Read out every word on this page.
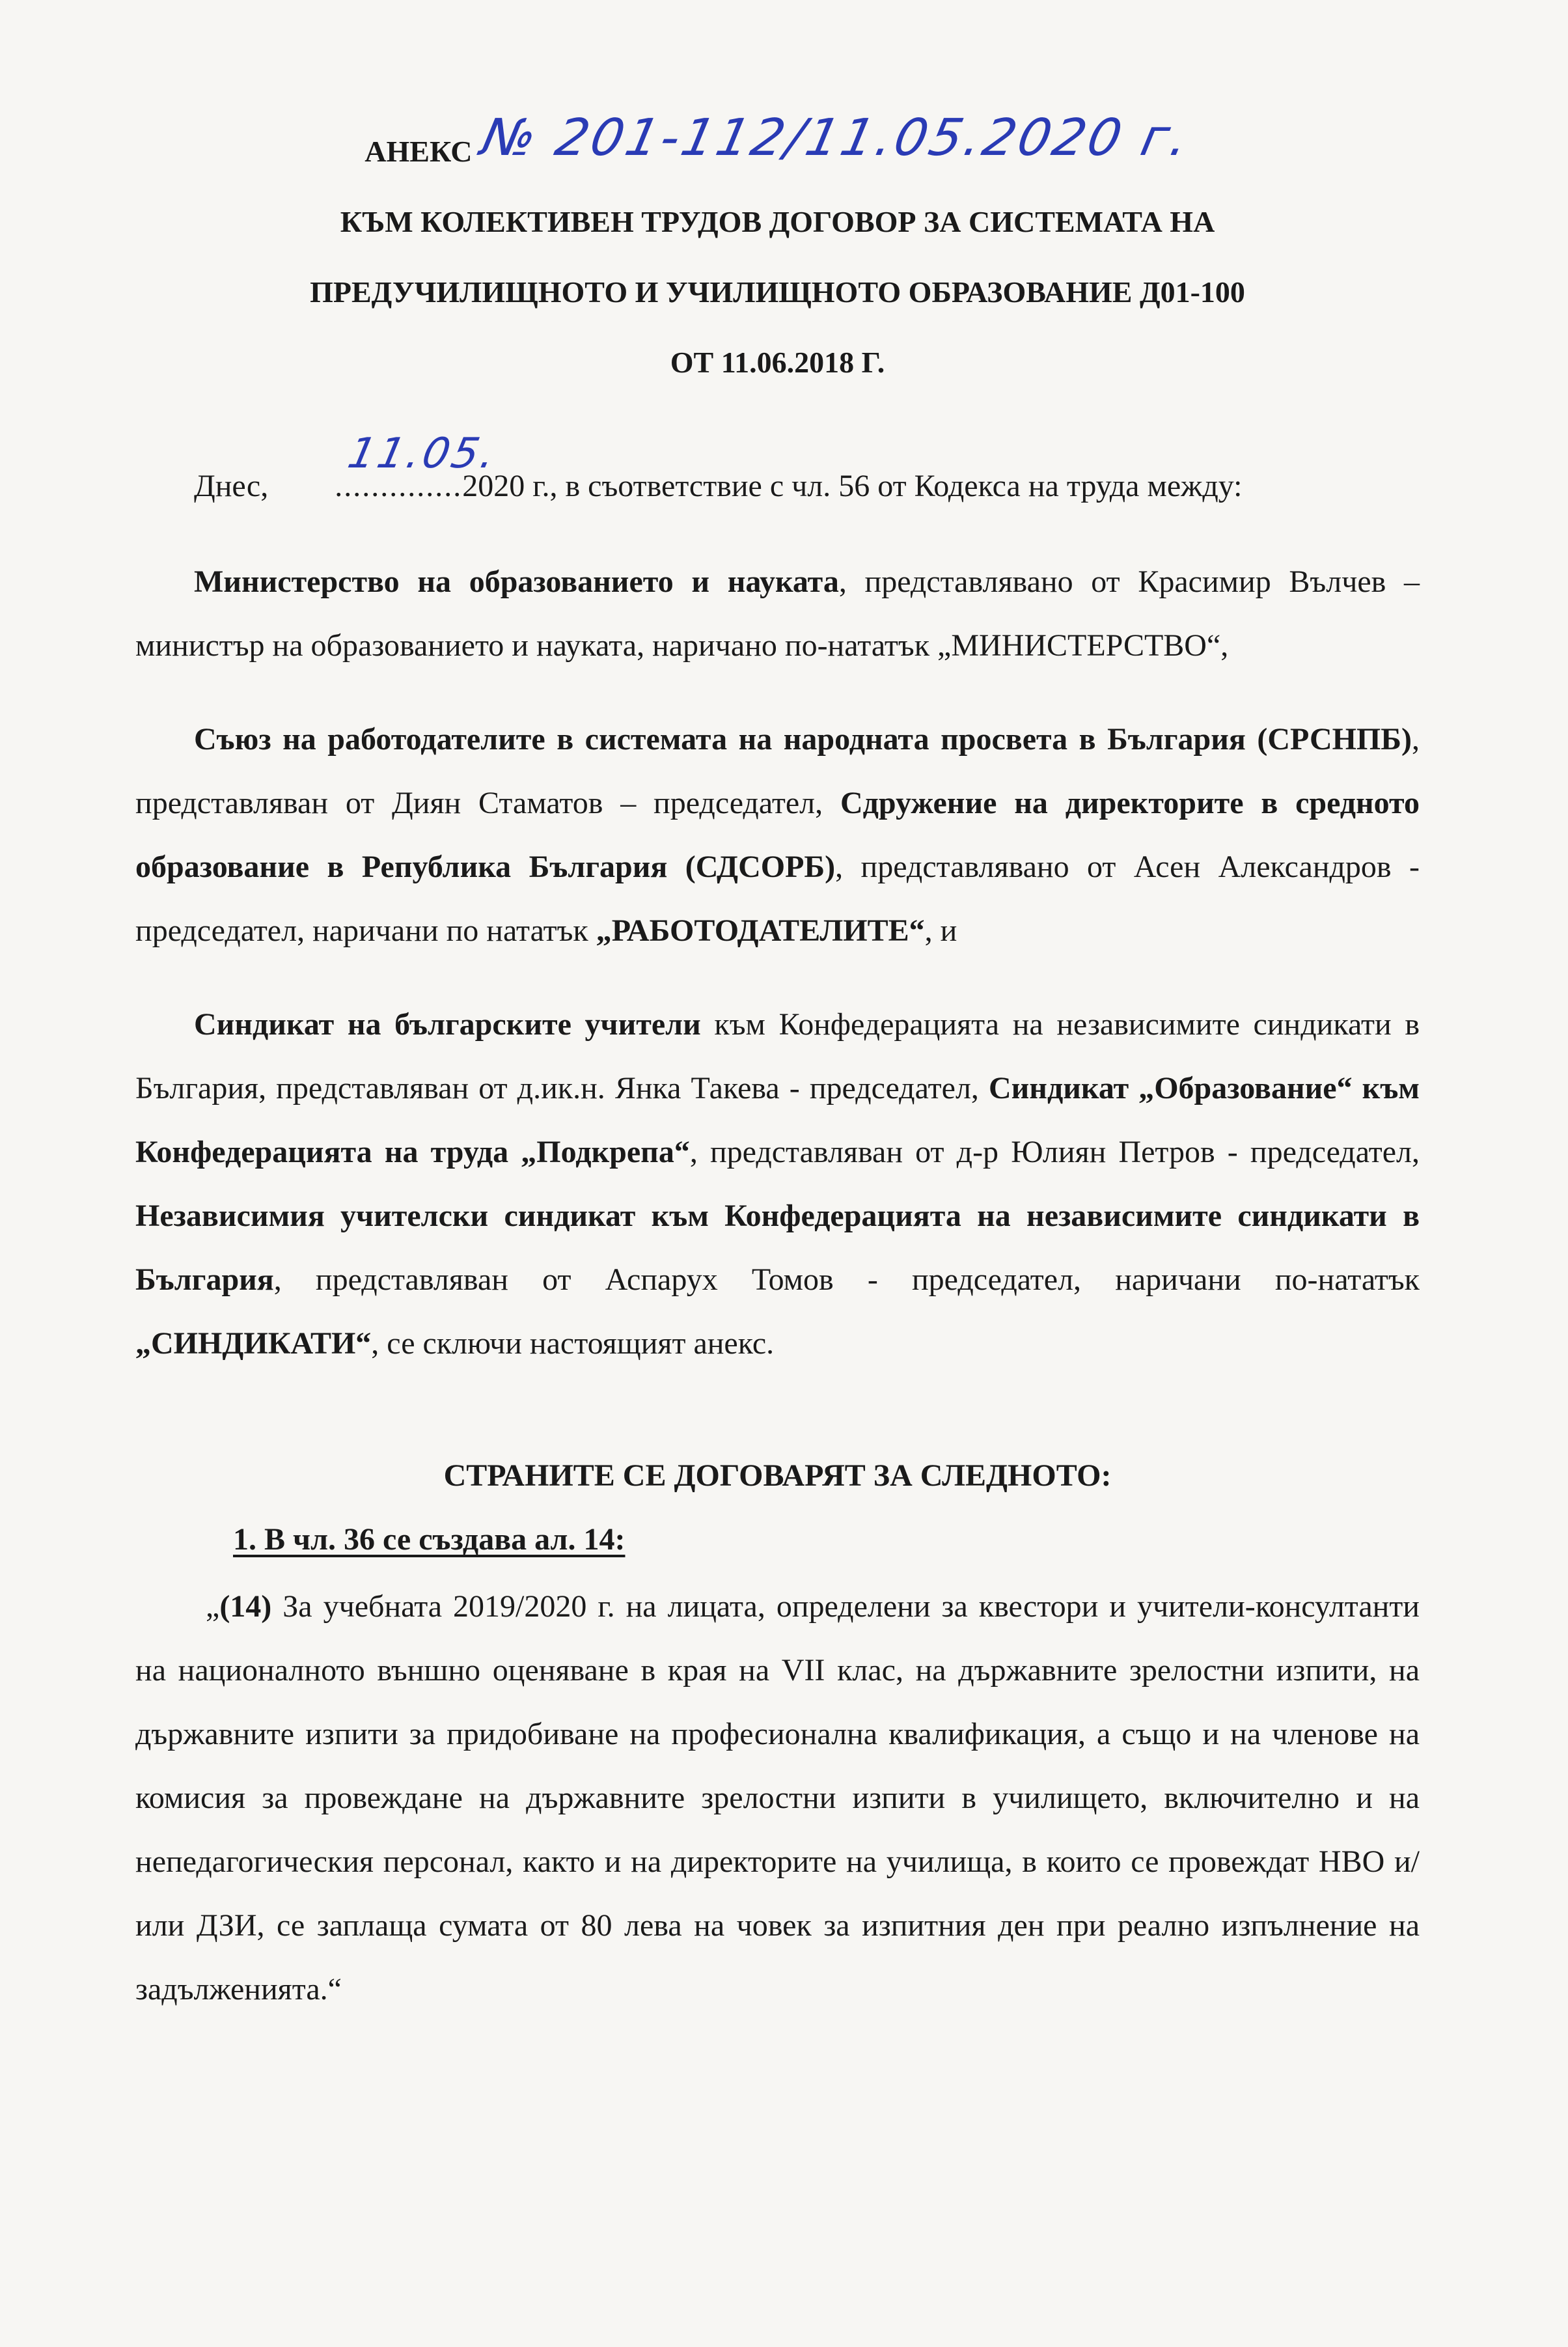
АНЕКС№ 201-112/11.05.2020 г.

КЪМ КОЛЕКТИВЕН ТРУДОВ ДОГОВОР ЗА СИСТЕМАТА НА

ПРЕДУЧИЛИЩНОТО И УЧИЛИЩНОТО ОБРАЗОВАНИЕ Д01-100

ОТ 11.06.2018 Г.

Днес, ..............
11.05.
2020 г., в съответствие с чл. 56 от Кодекса на труда между:

Министерство на образованието и науката, представлявано от Красимир Вълчев – министър на образованието и науката, наричано по-нататък „МИНИСТЕРСТВО“,

Съюз на работодателите в системата на народната просвета в България (СРСНПБ), представляван от Диян Стаматов – председател, Сдружение на директорите в средното образование в Република България (СДСОРБ), представлявано от Асен Александров - председател, наричани по нататък „РАБОТОДАТЕЛИТЕ“, и

Синдикат на българските учители към Конфедерацията на независимите синдикати в България, представляван от д.ик.н. Янка Такева - председател, Синдикат „Образование“ към Конфедерацията на труда „Подкрепа“, представляван от д-р Юлиян Петров - председател, Независимия учителски синдикат към Конфедерацията на независимите синдикати в България, представляван от Аспарух Томов - председател, наричани по-нататък „СИНДИКАТИ“, се сключи настоящият анекс.

СТРАНИТЕ СЕ ДОГОВАРЯТ ЗА СЛЕДНОТО:

1. В чл. 36 се създава ал. 14:

„(14) За учебната 2019/2020 г. на лицата, определени за квестори и учители-консултанти на националното външно оценяване в края на VII клас, на държавните зрелостни изпити, на държавните изпити за придобиване на професионална квалификация, а също и на членове на комисия за провеждане на държавните зрелостни изпити в училището, включително и на непедагогическия персонал, както и на директорите на училища, в които се провеждат НВО и/или ДЗИ, се заплаща сумата от 80 лева на човек за изпитния ден при реално изпълнение на задълженията.“
